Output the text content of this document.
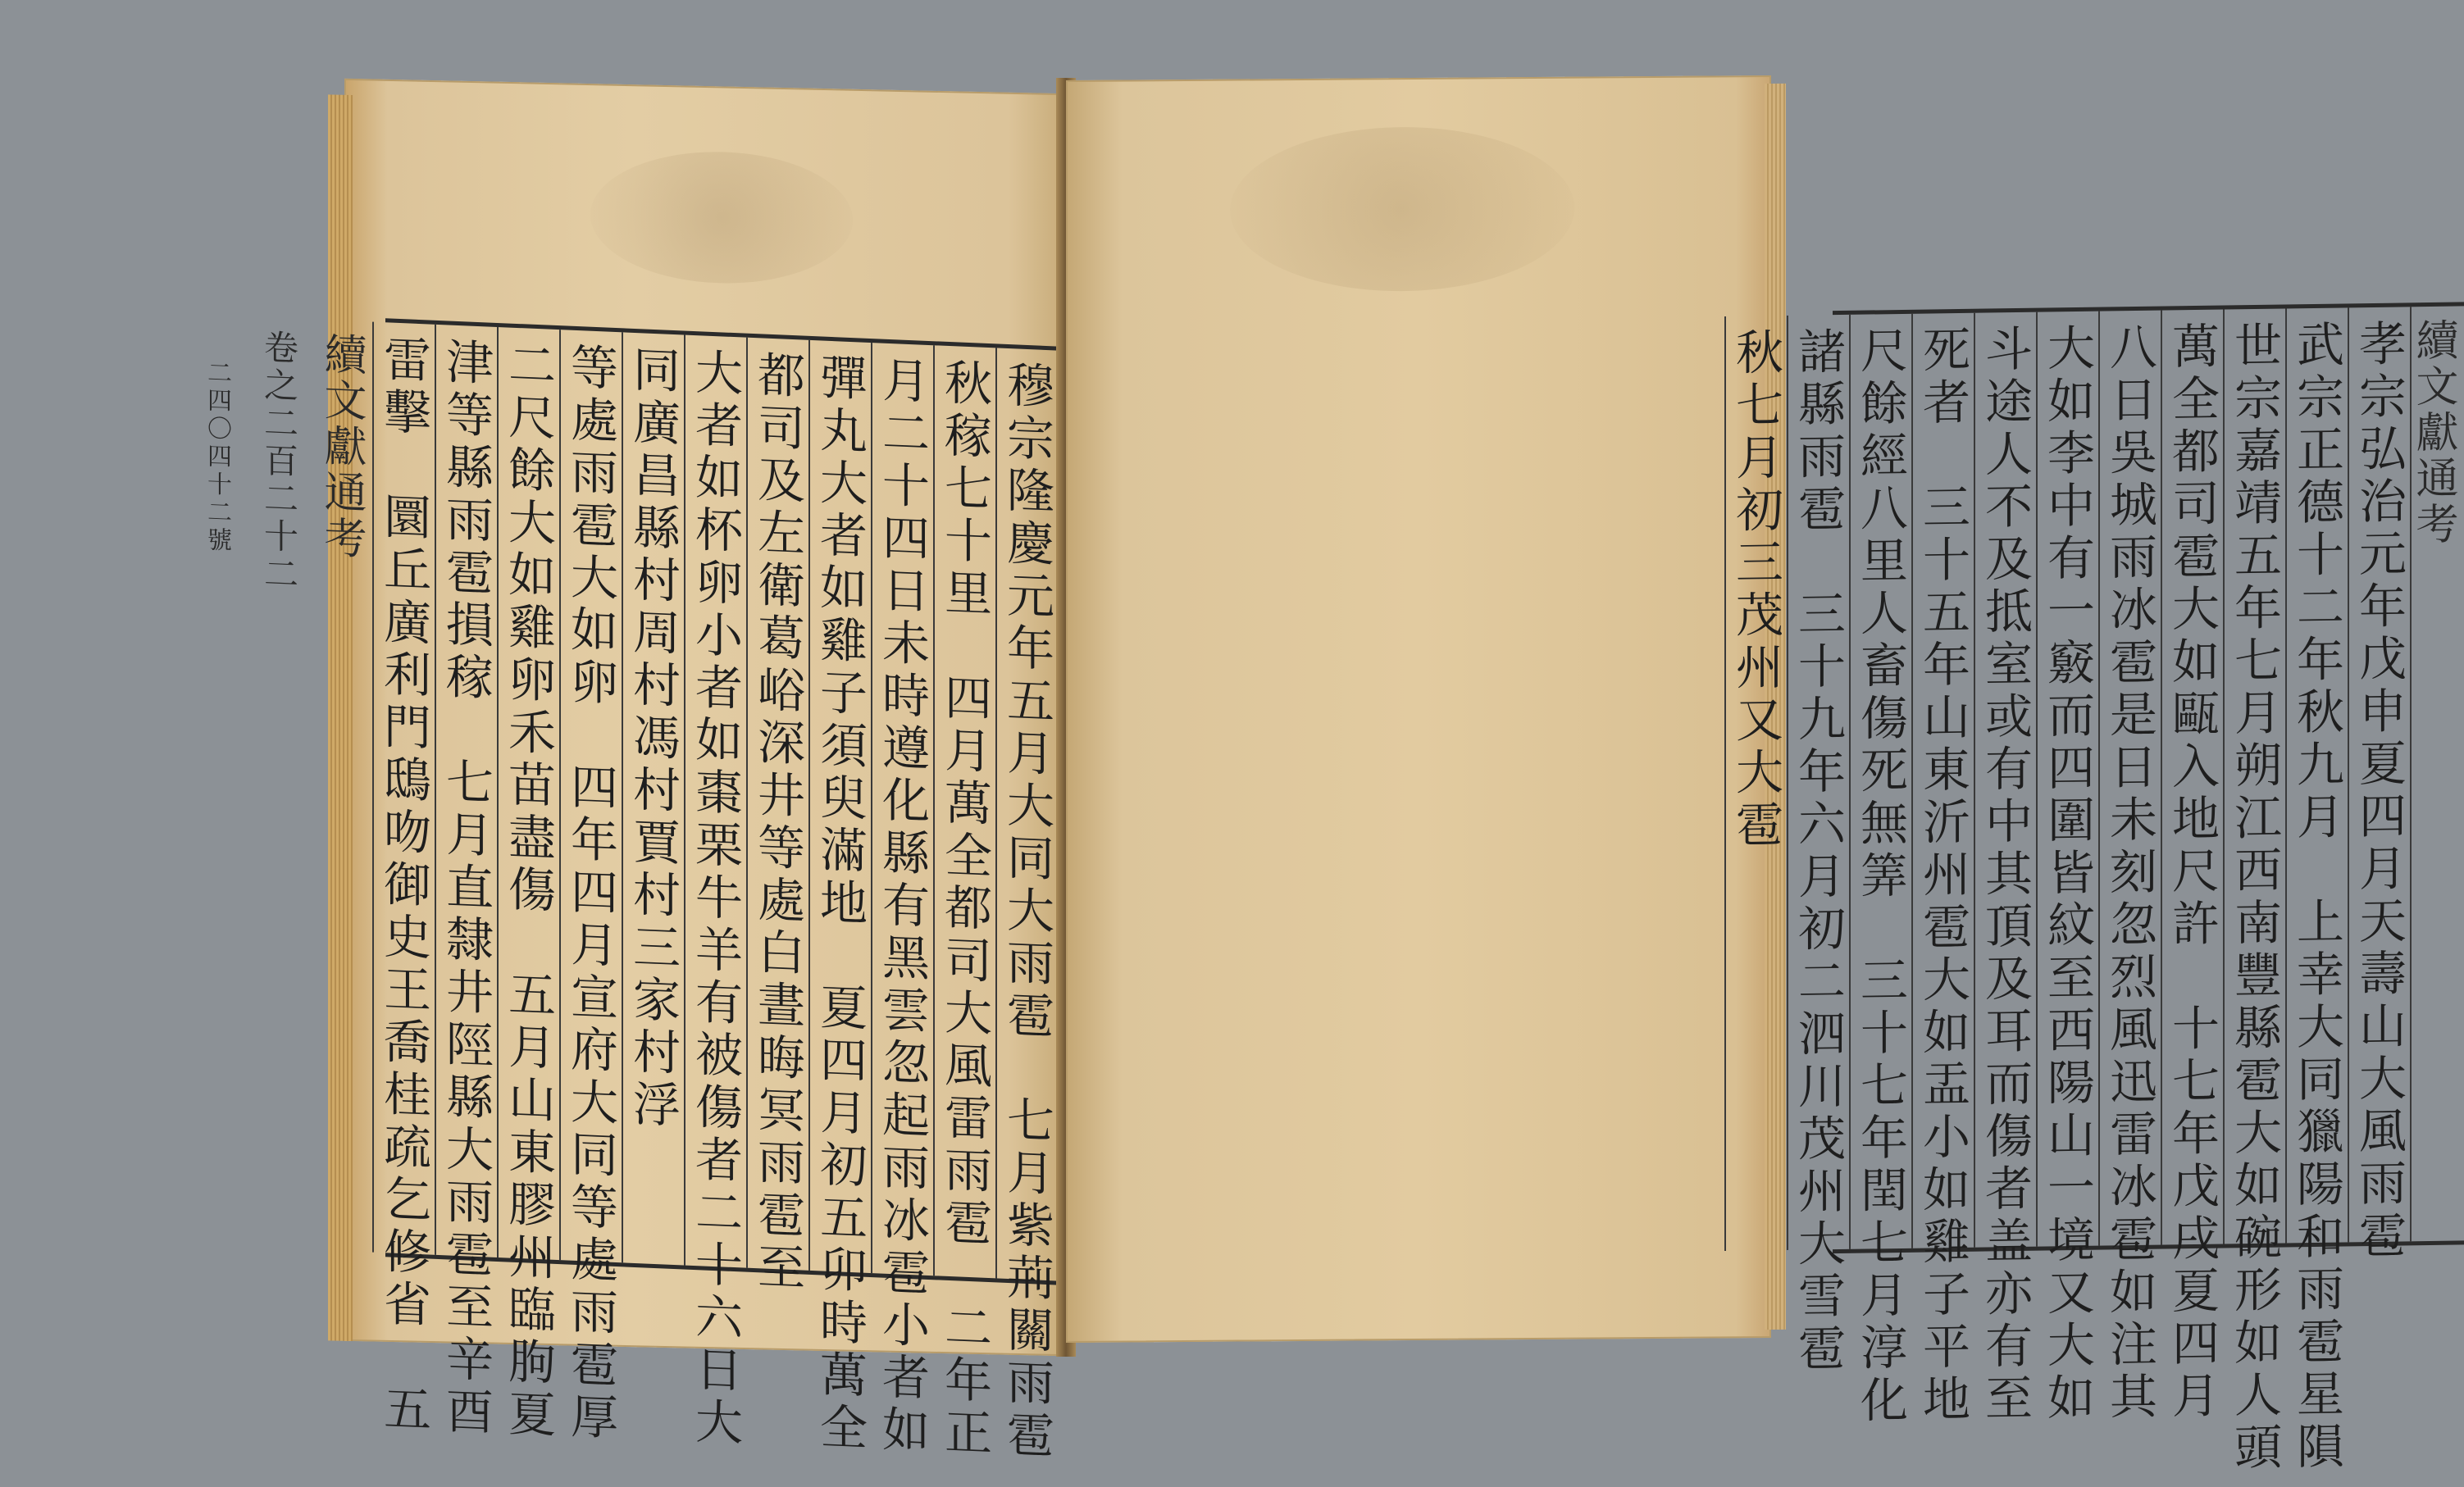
穆宗隆慶元年五月大同大雨雹　七月紫荊關雨雹
秋稼七十里　四月萬全都司大風雷雨雹　二年正
月二十四日未時遵化縣有黑雲忽起雨冰雹小者如
彈丸大者如雞子須臾滿地　夏四月初五卯時萬全
都司及左衛葛峪深井等處白晝晦冥雨雹至
大者如杯卵小者如棗栗牛羊有被傷者二十六日大
同廣昌縣村周村馮村賈村三家村浮
等處雨雹大如卵　四年四月宣府大同等處雨雹厚
二尺餘大如雞卵禾苗盡傷　五月山東膠州臨朐夏
津等縣雨雹損稼　七月直隸井陘縣大雨雹至辛酉
雷擊　圜丘廣利門鴟吻御史王喬桂疏乞修省　五
續文獻通考
卷之二百二十二
二四〇四十二號	續文獻通考
孝宗弘治元年戊申夏四月天壽山大風雨雹
武宗正德十二年秋九月　上幸大同獵陽和雨雹星隕
世宗嘉靖五年七月朔江西南豐縣雹大如碗形如人頭
萬全都司雹大如甌入地尺許　十七年戊戌夏四月
八日吳城雨冰雹是日未刻忽烈風迅雷冰雹如注其
大如李中有一竅而四圍皆紋至西陽山一境又大如
斗途人不及抵室或有中其頂及耳而傷者盖亦有至
死者　三十五年山東沂州雹大如盂小如雞子平地
尺餘經八里人畜傷死無筭　三十七年閏七月淳化
諸縣雨雹　三十九年六月初二泗川茂州大雪雹
秋七月初三茂州又大雹
